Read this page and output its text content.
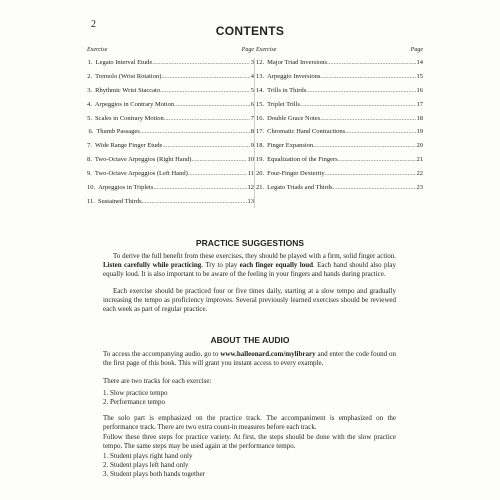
2	CONTENTS
Exercise	Page
1. Legato Interval Etude .....	3
2. Tremolo (Wrist Rotation) .....	4
3. Rhythmic Wrist Staccato .....	5
4. Arpeggios in Contrary Motion .....	6
5. Scales in Contrary Motion .....	7
6. Thumb Passages .....	8
7. Wide Range Finger Etude .....	9
8. Two-Octave Arpeggios (Right Hand) .....	10
9. Two-Octave Arpeggios (Left Hand) .....	11
10. Arpeggios in Triplets .....	12
11. Sustained Thirds .....	13
Exercise	Page
12. Major Triad Inversions .....	14
13. Arpeggio Inversions .....	15
14. Trills in Thirds .....	16
15. Triplet Trills .....	17
16. Double Grace Notes .....	18
17. Chromatic Hand Contractions .....	19
18. Finger Expansion .....	20
19. Equalization of the Fingers .....	21
20. Four-Finger Dexterity .....	22
21. Legato Triads and Thirds .....	23
PRACTICE SUGGESTIONS

To derive the full benefit from these exercises, they should be played with a firm, solid finger action. Listen carefully while practicing. Try to play each finger equally loud. Each hand should also play equally loud. It is also important to be aware of the feeling in your fingers and hands during practice.

Each exercise should be practiced four or five times daily, starting at a slow tempo and gradually increasing the tempo as proficiency improves. Several previously learned exercises should be reviewed each week as part of regular practice.

ABOUT THE AUDIO

To access the accompanying audio, go to www.halleonard.com/mylibrary and enter the code found on the first page of this book. This will grant you instant access to every example.

There are two tracks for each exercise:

1. Slow practice tempo

2. Performance tempo

The solo part is emphasized on the practice track. The accompaniment is emphasized on the performance track. There are two extra count-in measures before each track.

Follow these three steps for practice variety. At first, the steps should be done with the slow practice tempo. The same steps may be used again at the performance tempo.

1. Student plays right hand only

2. Student plays left hand only

3. Student plays both hands together
